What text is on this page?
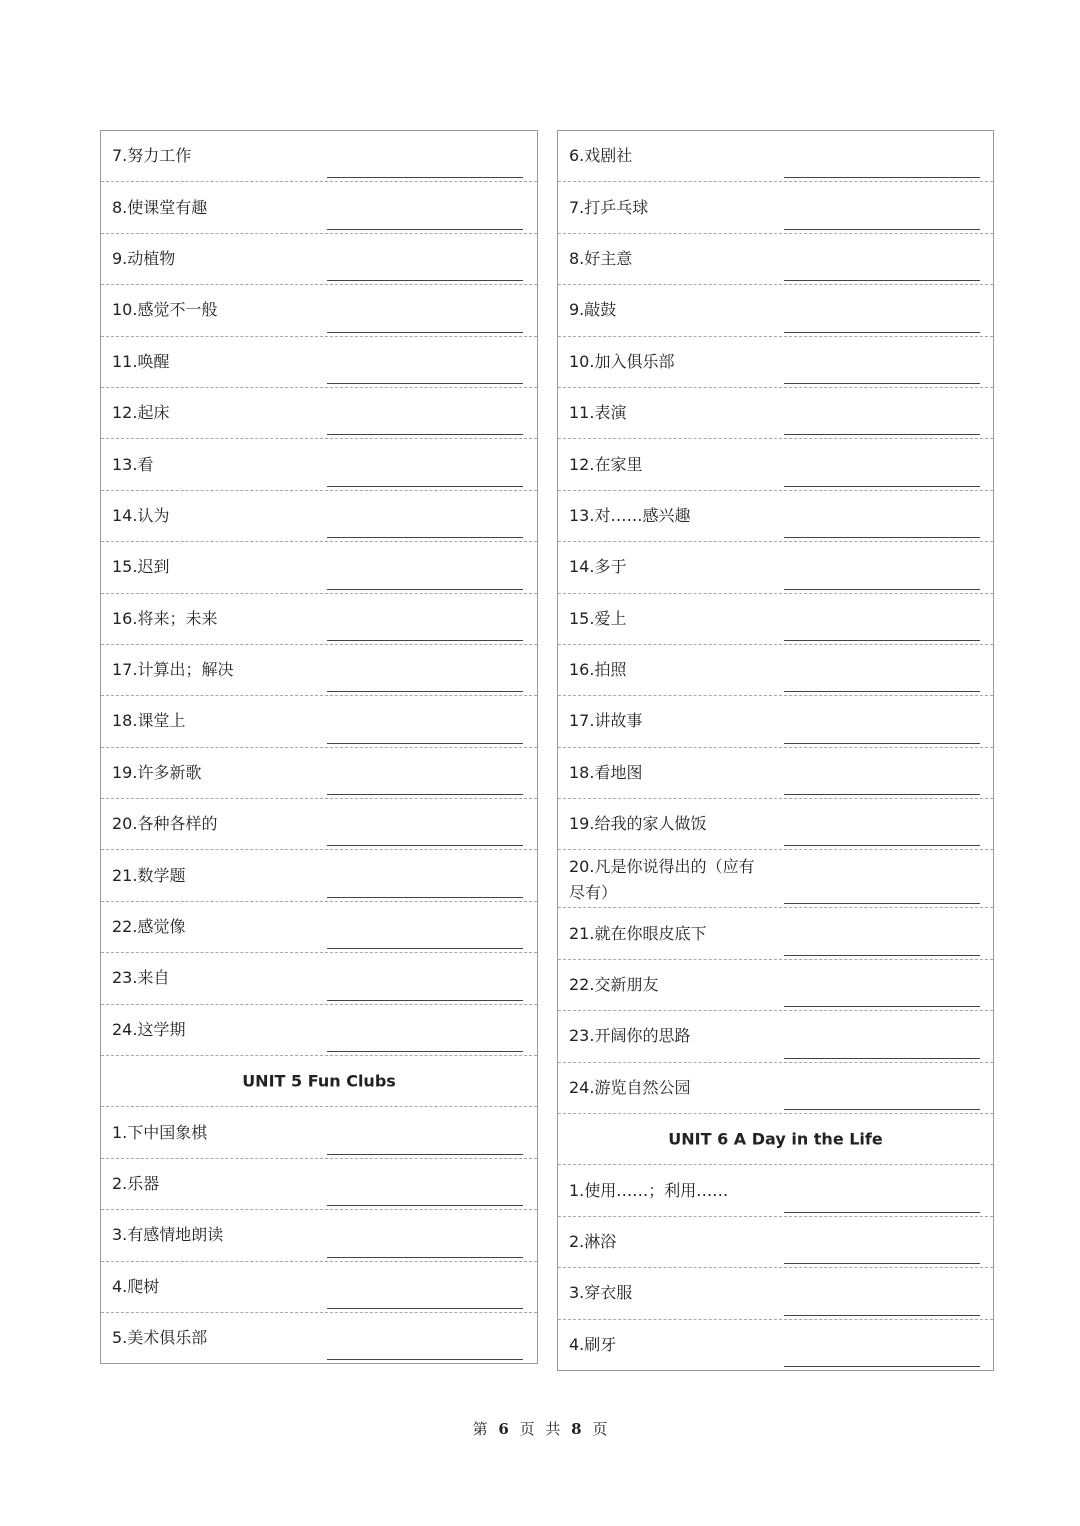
7.努力工作
8.使课堂有趣
9.动植物
10.感觉不一般
11.唤醒
12.起床
13.看
14.认为
15.迟到
16.将来；未来
17.计算出；解决
18.课堂上
19.许多新歌
20.各种各样的
21.数学题
22.感觉像
23.来自
24.这学期
UNIT 5 Fun Clubs
1.下中国象棋
2.乐器
3.有感情地朗读
4.爬树
5.美术俱乐部
6.戏剧社
7.打乒乓球
8.好主意
9.敲鼓
10.加入俱乐部
11.表演
12.在家里
13.对……感兴趣
14.多于
15.爱上
16.拍照
17.讲故事
18.看地图
19.给我的家人做饭
20.凡是你说得出的（应有尽有）
21.就在你眼皮底下
22.交新朋友
23.开阔你的思路
24.游览自然公园
UNIT 6 A Day in the Life
1.使用……；利用……
2.淋浴
3.穿衣服
4.刷牙
第 6 页 共 8 页
